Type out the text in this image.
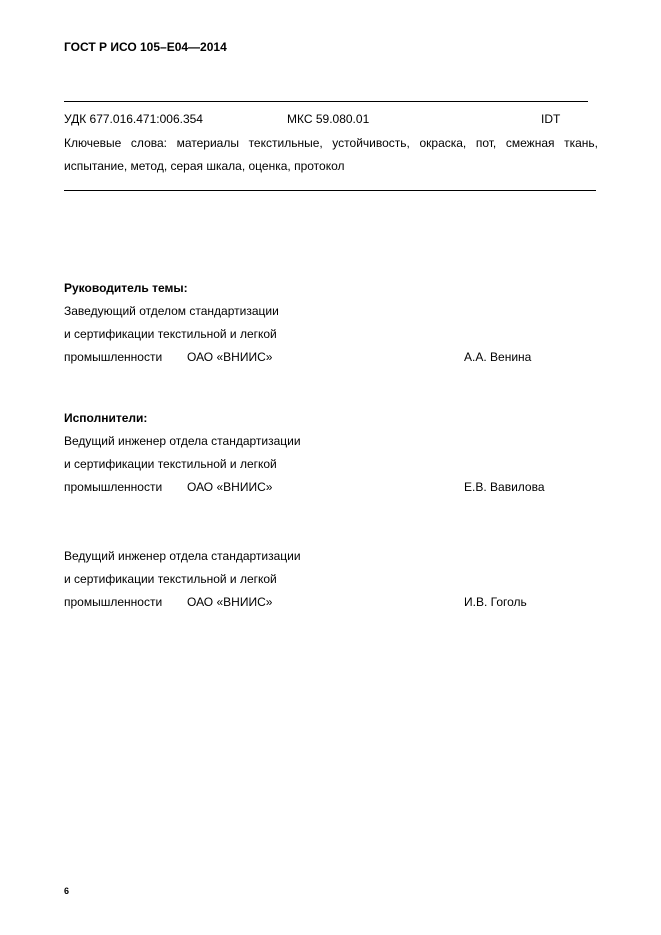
ГОСТ Р ИСО 105–Е04—2014
УДК 677.016.471:006.354	МКС 59.080.01	IDT
Ключевые слова: материалы текстильные, устойчивость, окраска, пот, смежная ткань, испытание, метод, серая шкала, оценка, протокол
Руководитель темы:
Заведующий отделом стандартизации
и сертификации текстильной и легкой
промышленности ОАО «ВНИИС»	А.А. Венина
Исполнители:
Ведущий инженер отдела стандартизации
и сертификации текстильной и легкой
промышленности ОАО «ВНИИС»	Е.В. Вавилова
Ведущий инженер отдела стандартизации
и сертификации текстильной и легкой
промышленности ОАО «ВНИИС»	И.В. Гоголь
6
